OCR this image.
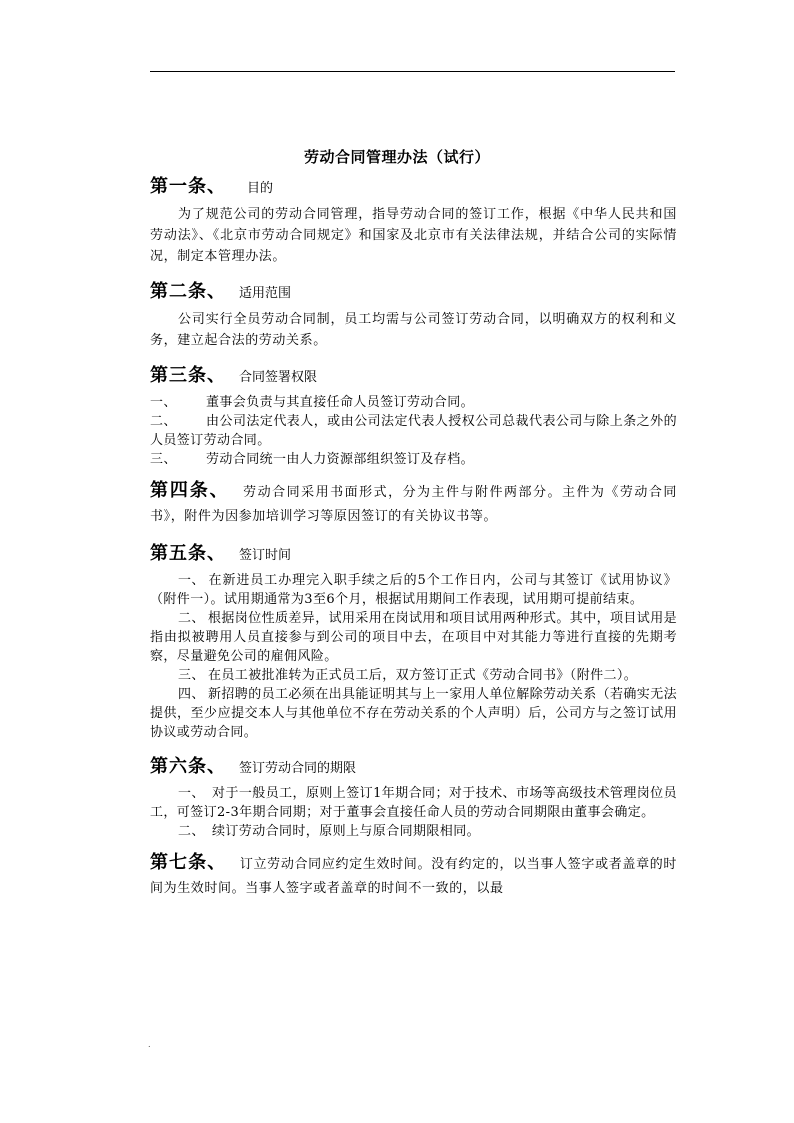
劳动合同管理办法（试行）

第一条、 目的

为了规范公司的劳动合同管理，指导劳动合同的签订工作，根据《中华人民共和国劳动法》、《北京市劳动合同规定》和国家及北京市有关法律法规，并结合公司的实际情况，制定本管理办法。

第二条、 适用范围

公司实行全员劳动合同制，员工均需与公司签订劳动合同，以明确双方的权利和义务，建立起合法的劳动关系。

第三条、 合同签署权限

一、 董事会负责与其直接任命人员签订劳动合同。

二、 由公司法定代表人，或由公司法定代表人授权公司总裁代表公司与除上条之外的人员签订劳动合同。

三、 劳动合同统一由人力资源部组织签订及存档。

第四条、 劳动合同采用书面形式，分为主件与附件两部分。主件为《劳动合同书》，附件为因参加培训学习等原因签订的有关协议书等。

第五条、 签订时间

一、 在新进员工办理完入职手续之后的5个工作日内，公司与其签订《试用协议》（附件一）。试用期通常为3至6个月，根据试用期间工作表现，试用期可提前结束。

二、 根据岗位性质差异，试用采用在岗试用和项目试用两种形式。其中，项目试用是指由拟被聘用人员直接参与到公司的项目中去，在项目中对其能力等进行直接的先期考察，尽量避免公司的雇佣风险。

三、 在员工被批准转为正式员工后，双方签订正式《劳动合同书》（附件二）。

四、 新招聘的员工必须在出具能证明其与上一家用人单位解除劳动关系（若确实无法提供，至少应提交本人与其他单位不存在劳动关系的个人声明）后，公司方与之签订试用协议或劳动合同。

第六条、 签订劳动合同的期限

一、 对于一般员工，原则上签订1年期合同；对于技术、市场等高级技术管理岗位员工，可签订2-3年期合同期；对于董事会直接任命人员的劳动合同期限由董事会确定。

二、 续订劳动合同时，原则上与原合同期限相同。

第七条、 订立劳动合同应约定生效时间。没有约定的，以当事人签字或者盖章的时间为生效时间。当事人签字或者盖章的时间不一致的，以最

.
